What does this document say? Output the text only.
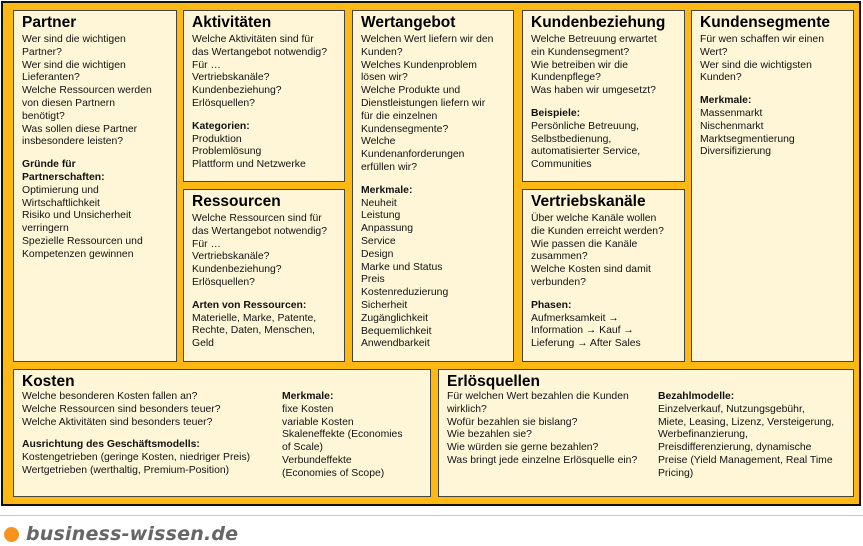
Partner
Wer sind die wichtigen
Partner?
Wer sind die wichtigen
Lieferanten?
Welche Ressourcen werden
von diesen Partnern
benötigt?
Was sollen diese Partner
insbesondere leisten?
Gründe für
Partnerschaften:
Optimierung und
Wirtschaftlichkeit
Risiko und Unsicherheit
verringern
Spezielle Ressourcen und
Kompetenzen gewinnen
Aktivitäten
Welche Aktivitäten sind für
das Wertangebot notwendig?
Für …
Vertriebskanäle?
Kundenbeziehung?
Erlösquellen?
Kategorien:
Produktion
Problemlösung
Plattform und Netzwerke
Ressourcen
Welche Ressourcen sind für
das Wertangebot notwendig?
Für …
Vertriebskanäle?
Kundenbeziehung?
Erlösquellen?
Arten von Ressourcen:
Materielle, Marke, Patente,
Rechte, Daten, Menschen,
Geld
Wertangebot
Welchen Wert liefern wir den
Kunden?
Welches Kundenproblem
lösen wir?
Welche Produkte und
Dienstleistungen liefern wir
für die einzelnen
Kundensegmente?
Welche
Kundenanforderungen
erfüllen wir?
Merkmale:
Neuheit
Leistung
Anpassung
Service
Design
Marke und Status
Preis
Kostenreduzierung
Sicherheit
Zugänglichkeit
Bequemlichkeit
Anwendbarkeit
Kundenbeziehung
Welche Betreuung erwartet
ein Kundensegment?
Wie betreiben wir die
Kundenpflege?
Was haben wir umgesetzt?
Beispiele:
Persönliche Betreuung,
Selbstbedienung,
automatisierter Service,
Communities
Vertriebskanäle
Über welche Kanäle wollen
die Kunden erreicht werden?
Wie passen die Kanäle
zusammen?
Welche Kosten sind damit
verbunden?
Phasen:
Aufmerksamkeit →
Information → Kauf →
Lieferung → After Sales
Kundensegmente
Für wen schaffen wir einen
Wert?
Wer sind die wichtigsten
Kunden?
Merkmale:
Massenmarkt
Nischenmarkt
Marktsegmentierung
Diversifizierung
Kosten
Welche besonderen Kosten fallen an?
Welche Ressourcen sind besonders teuer?
Welche Aktivitäten sind besonders teuer?
Ausrichtung des Geschäftsmodells:
Kostengetrieben (geringe Kosten, niedriger Preis)
Wertgetrieben (werthaltig, Premium-Position)
Merkmale:
fixe Kosten
variable Kosten
Skaleneffekte (Economies
of Scale)
Verbundeffekte
(Economies of Scope)
Erlösquellen
Für welchen Wert bezahlen die Kunden
wirklich?
Wofür bezahlen sie bislang?
Wie bezahlen sie?
Wie würden sie gerne bezahlen?
Was bringt jede einzelne Erlösquelle ein?
Bezahlmodelle:
Einzelverkauf, Nutzungsgebühr,
Miete, Leasing, Lizenz, Versteigerung,
Werbefinanzierung,
Preisdifferenzierung, dynamische
Preise (Yield Management, Real Time
Pricing)
business-wissen.de
